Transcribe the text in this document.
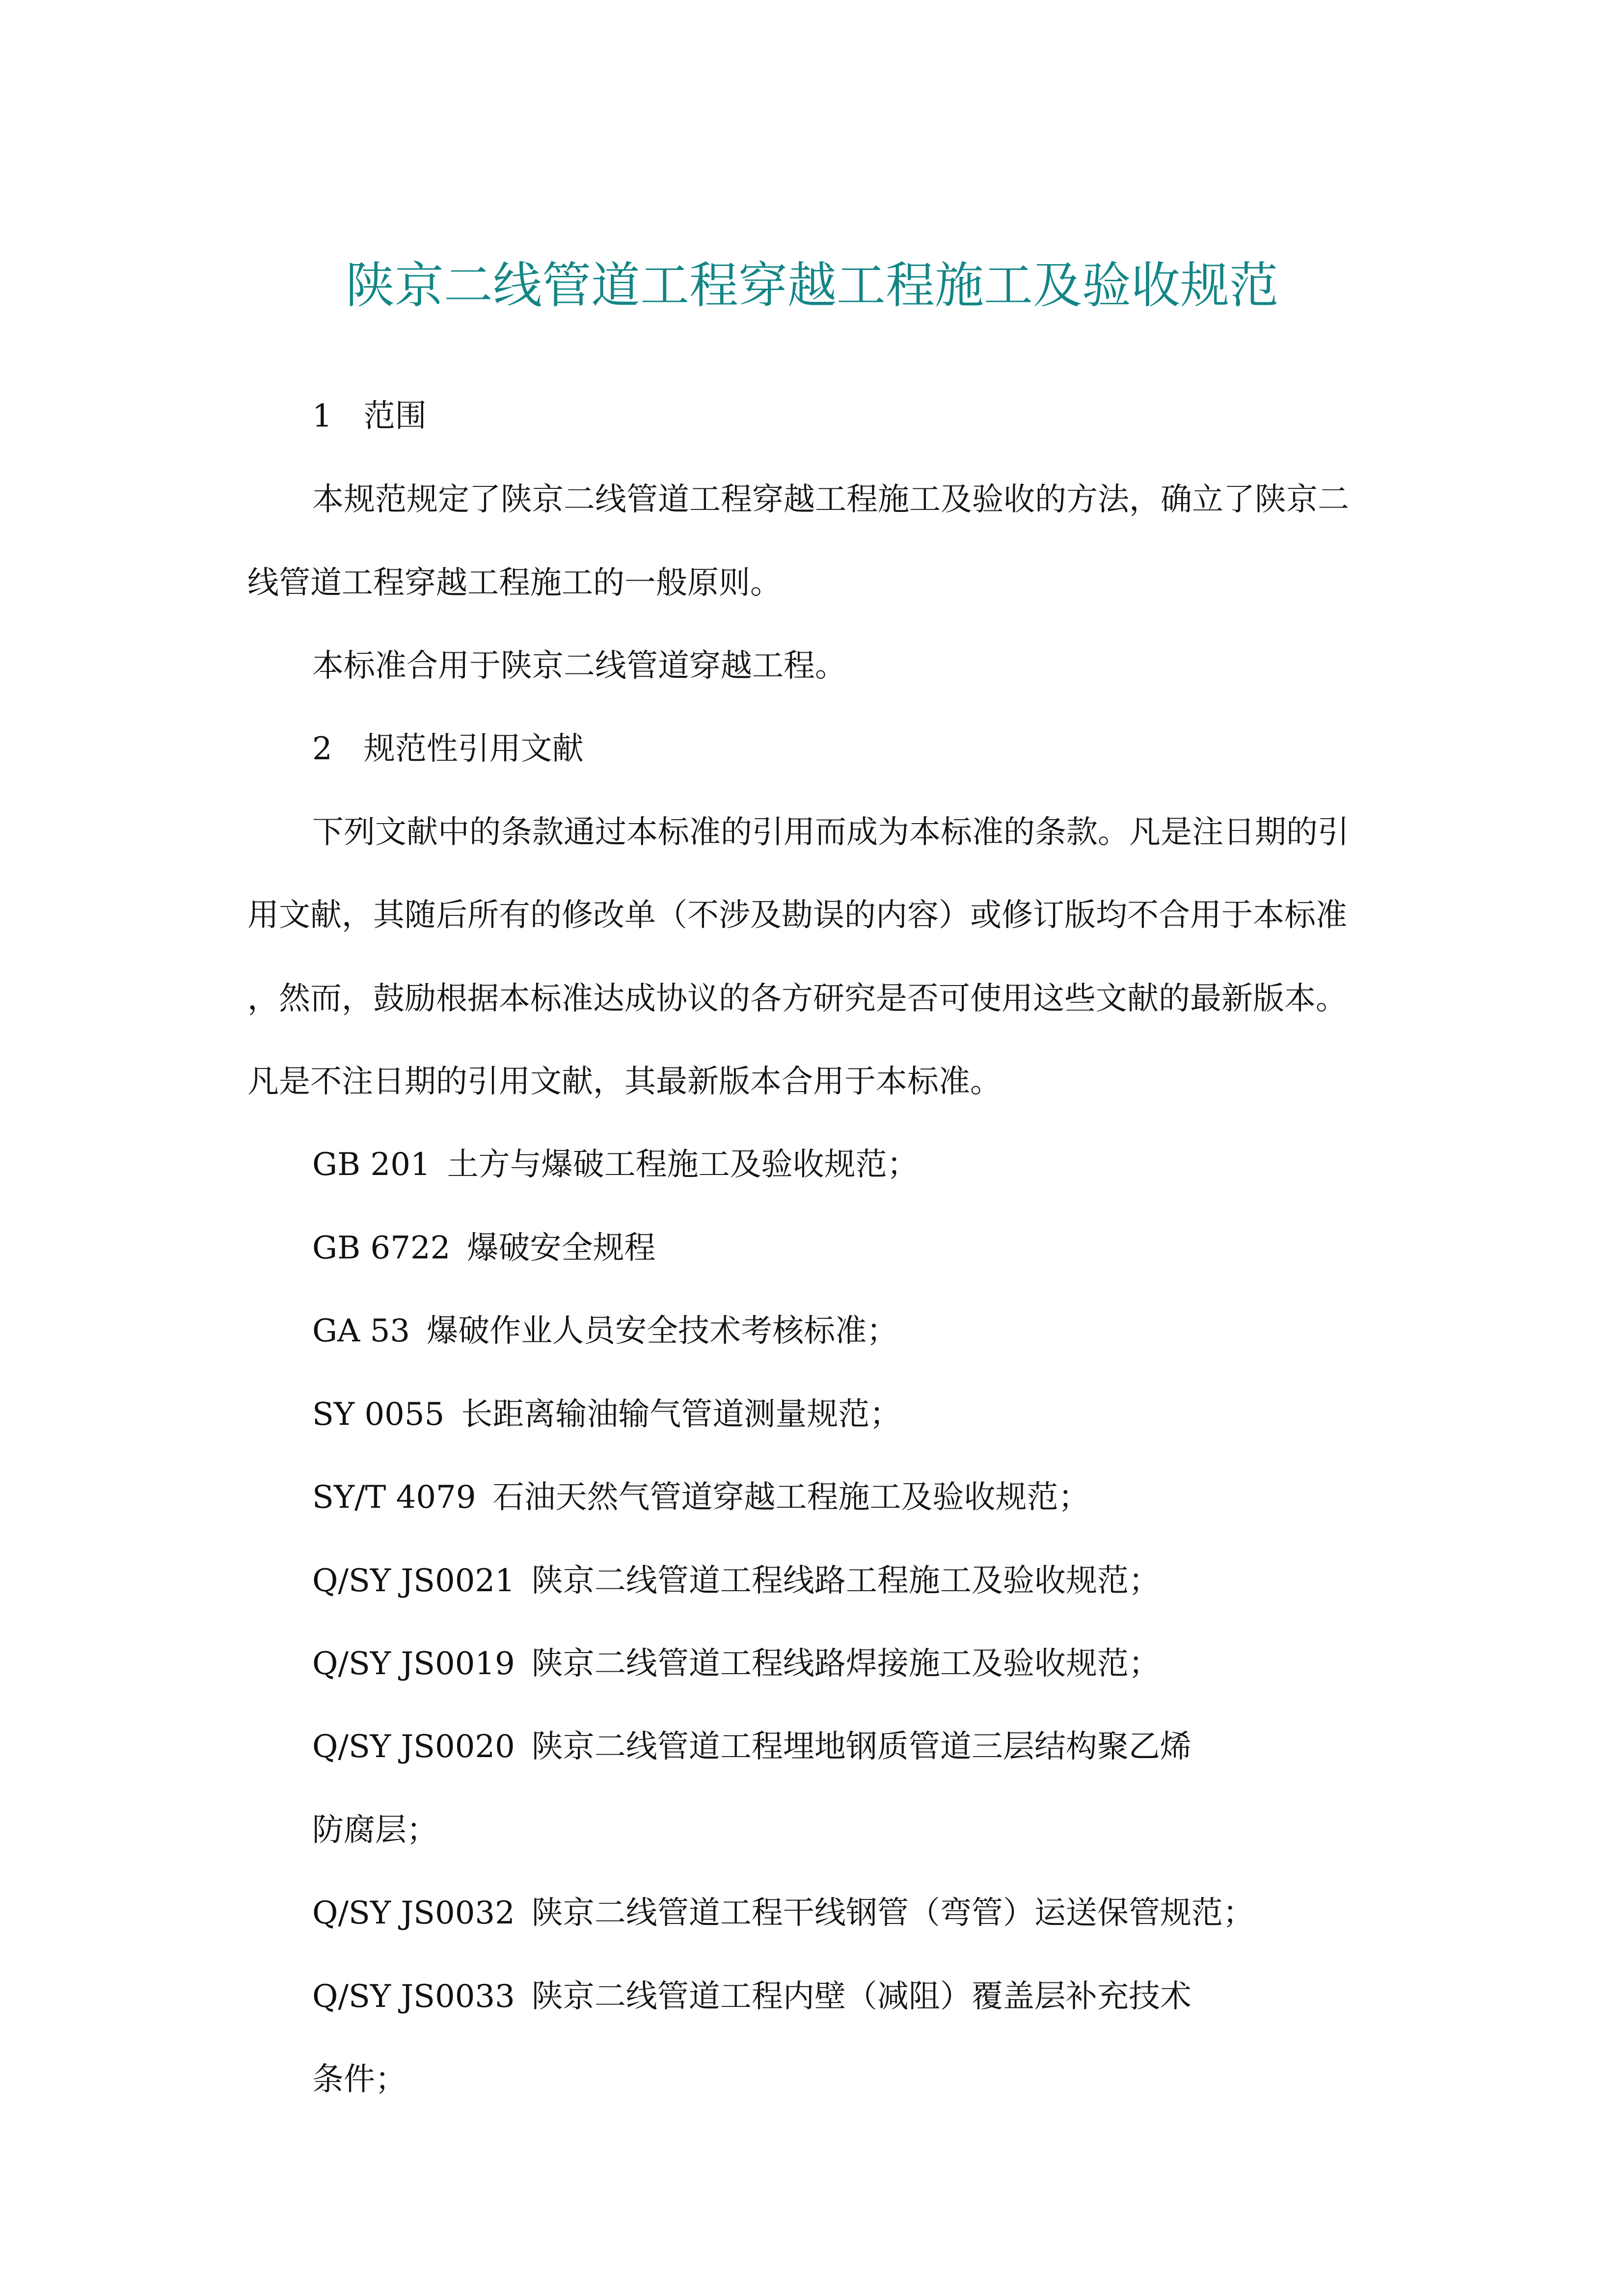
陕京二线管道工程穿越工程施工及验收规范
1　范围
本规范规定了陕京二线管道工程穿越工程施工及验收的方法，确立了陕京二
线管道工程穿越工程施工的一般原则。
本标准合用于陕京二线管道穿越工程。
2　规范性引用文献
下列文献中的条款通过本标准的引用而成为本标准的条款。凡是注日期的引
用文献，其随后所有的修改单（不涉及勘误的内容）或修订版均不合用于本标准
，然而，鼓励根据本标准达成协议的各方研究是否可使用这些文献的最新版本。
凡是不注日期的引用文献，其最新版本合用于本标准。
GB 201 土方与爆破工程施工及验收规范；
GB 6722 爆破安全规程
GA 53 爆破作业人员安全技术考核标准；
SY 0055 长距离输油输气管道测量规范；
SY/T 4079 石油天然气管道穿越工程施工及验收规范；
Q/SY JS0021 陕京二线管道工程线路工程施工及验收规范；
Q/SY JS0019 陕京二线管道工程线路焊接施工及验收规范；
Q/SY JS0020 陕京二线管道工程埋地钢质管道三层结构聚乙烯
防腐层；
Q/SY JS0032 陕京二线管道工程干线钢管（弯管）运送保管规范；
Q/SY JS0033 陕京二线管道工程内壁（减阻）覆盖层补充技术
条件；
